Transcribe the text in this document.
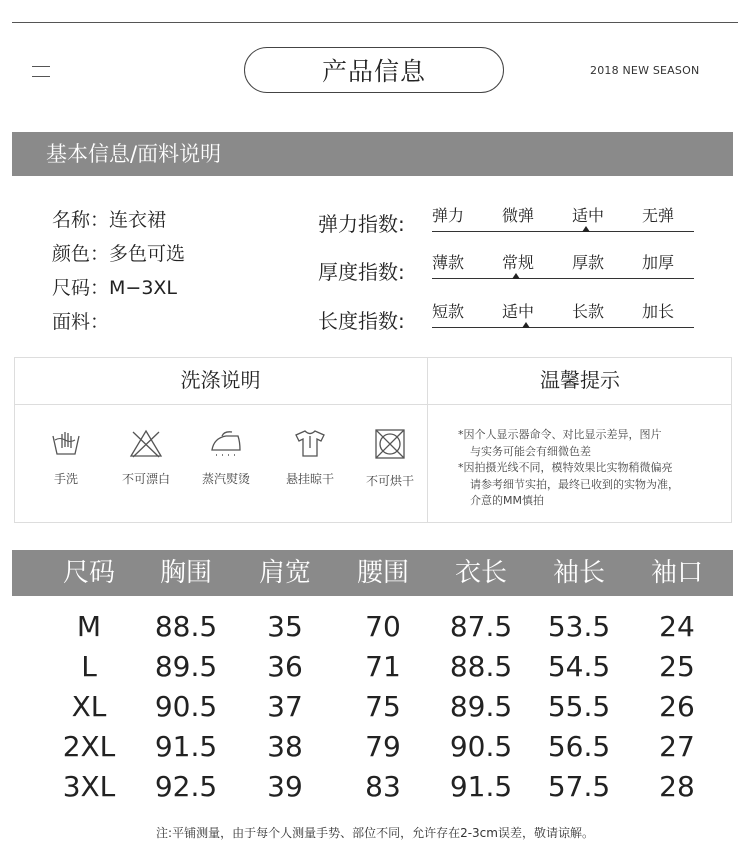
产品信息	2018 NEW SEASON
基本信息/面料说明
名称：连衣裙
颜色：多色可选
尺码：M−3XL
面料：
弹力指数: 弹力	微弹	适中	无弹
厚度指数: 薄款	常规	厚款	加厚
长度指数: 短款	适中	长款	加长
洗涤说明	温馨提示
手洗	不可漂白	蒸汽熨烫	悬挂晾干	不可烘干
*因个人显示器命令、对比显示差异，图片
与实务可能会有细微色差
*因拍摄光线不同，模特效果比实物稍微偏亮
请参考细节实拍，最终已收到的实物为准，
介意的MM慎拍
尺码	胸围	肩宽	腰围	衣长	袖长	袖口
M	88.5	35	70	87.5	53.5	24
L	89.5	36	71	88.5	54.5	25
XL	90.5	37	75	89.5	55.5	26
2XL	91.5	38	79	90.5	56.5	27
3XL	92.5	39	83	91.5	57.5	28
注:平铺测量，由于每个人测量手势、部位不同，允许存在2-3cm误差，敬请谅解。
